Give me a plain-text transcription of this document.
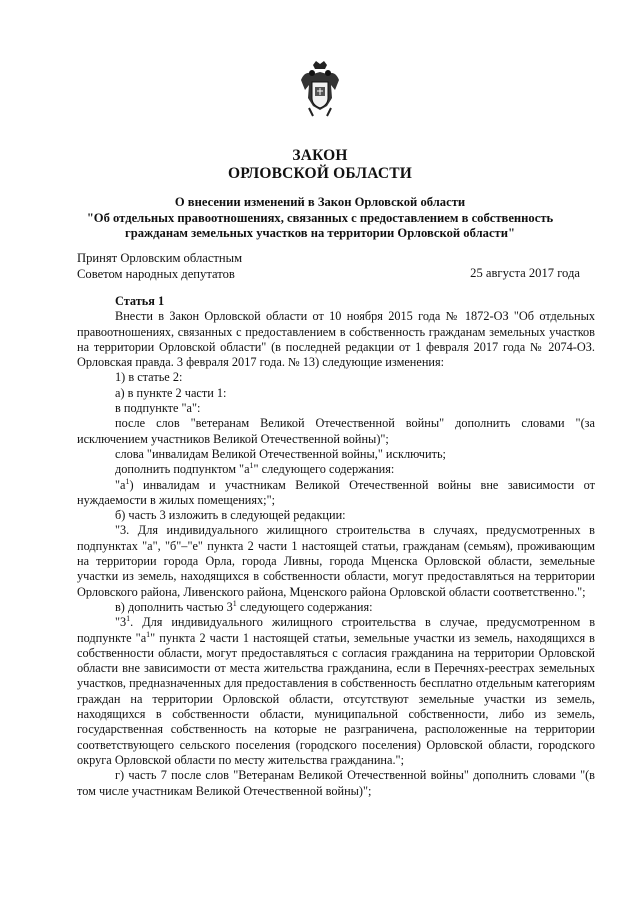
ЗАКОН
ОРЛОВСКОЙ ОБЛАСТИ
О внесении изменений в Закон Орловской области
"Об отдельных правоотношениях, связанных с предоставлением в собственность
гражданам земельных участков на территории Орловской области"
Принят Орловским областным
Советом народных депутатов	25 августа 2017 года

Статья 1

Внести в Закон Орловской области от 10 ноября 2015 года № 1872-ОЗ "Об отдельных правоотношениях, связанных с предоставлением в собственность гражданам земельных участков на территории Орловской области" (в последней редакции от 1 февраля 2017 года № 2074-ОЗ. Орловская правда. 3 февраля 2017 года. № 13) следующие изменения:

1) в статье 2:

а) в пункте 2 части 1:

в подпункте "а":

после слов "ветеранам Великой Отечественной войны" дополнить словами "(за исключением участников Великой Отечественной войны)";

слова "инвалидам Великой Отечественной войны," исключить;

дополнить подпунктом "$а^1$" следующего содержания:

"$а^1$) инвалидам и участникам Великой Отечественной войны вне зависимости от нуждаемости в жилых помещениях;";

б) часть 3 изложить в следующей редакции:

"3. Для индивидуального жилищного строительства в случаях, предусмотренных в подпунктах "а", "б"–"е" пункта 2 части 1 настоящей статьи, гражданам (семьям), проживающим на территории города Орла, города Ливны, города Мценска Орловской области, земельные участки из земель, находящихся в собственности области, могут предоставляться на территории Орловского района, Ливенского района, Мценского района Орловской области соответственно.";

в) дополнить частью $3^1$ следующего содержания:

"$3^1$. Для индивидуального жилищного строительства в случае, предусмотренном в подпункте "$а^1$" пункта 2 части 1 настоящей статьи, земельные участки из земель, находящихся в собственности области, могут предоставляться с согласия гражданина на территории Орловской области вне зависимости от места жительства гражданина, если в Перечнях-реестрах земельных участков, предназначенных для предоставления в собственность бесплатно отдельным категориям граждан на территории Орловской области, отсутствуют земельные участки из земель, находящихся в собственности области, муниципальной собственности, либо из земель, государственная собственность на которые не разграничена, расположенные на территории соответствующего сельского поселения (городского поселения) Орловской области, городского округа Орловской области по месту жительства гражданина.";

г) часть 7 после слов "Ветеранам Великой Отечественной войны" дополнить словами "(в том числе участникам Великой Отечественной войны)";
